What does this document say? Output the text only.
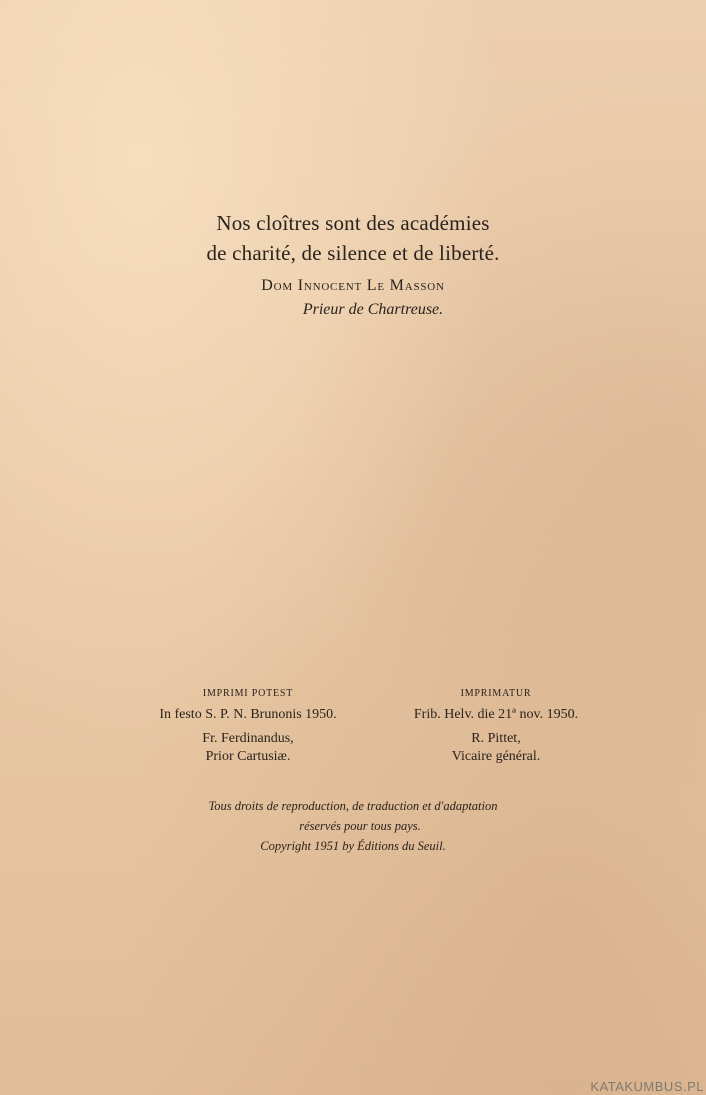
Nos cloîtres sont des académies
de charité, de silence et de liberté.
Dom Innocent Le Masson
Prieur de Chartreuse.
IMPRIMI POTEST
In festo S. P. N. Brunonis 1950.
Fr. Ferdinandus,
Prior Cartusiæ.
IMPRIMATUR
Frib. Helv. die 21ª nov. 1950.
R. Pittet,
Vicaire général.
Tous droits de reproduction, de traduction et d'adaptation
réservés pour tous pays.
Copyright 1951 by Éditions du Seuil.
KATAKUMBUS.PL
